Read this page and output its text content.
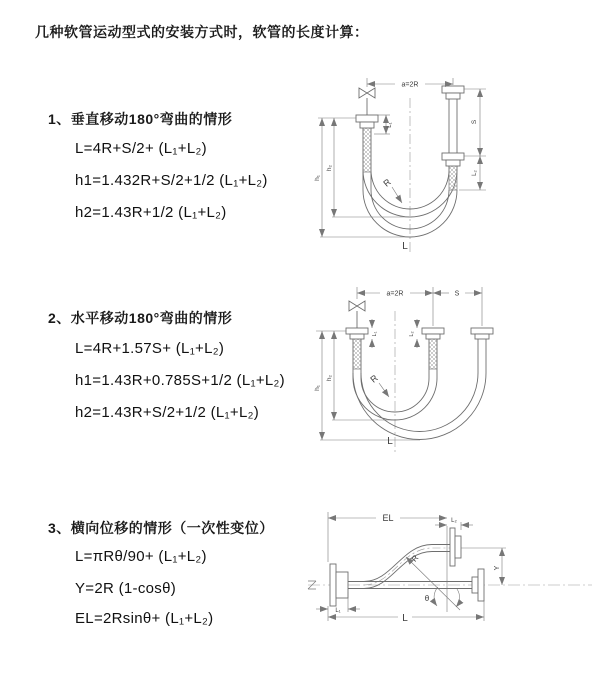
几种软管运动型式的安装方式时，软管的长度计算：
1、垂直移动180°弯曲的情形
L=4R+S/2+ (L₁+L₂)
h1=1.432R+S/2+1/2 (L₁+L₂)
h2=1.43R+1/2 (L₁+L₂)
2、水平移动180°弯曲的情形
L=4R+1.57S+ (L₁+L₂)
h1=1.43R+0.785S+1/2 (L₁+L₂)
h2=1.43R+S/2+1/2 (L₁+L₂)
3、横向位移的情形（一次性变位）
L=πRθ/90+ (L₁+L₂)
Y=2R (1-cosθ)
EL=2Rsinθ+ (L₁+L₂)
a=2R
L₁
S
L₂
h₁
h₂
R
L
a=2R	S
L₁	L₂
h₁
h₂	R
L
EL	L₂
Y
L
L₁
R
θ
